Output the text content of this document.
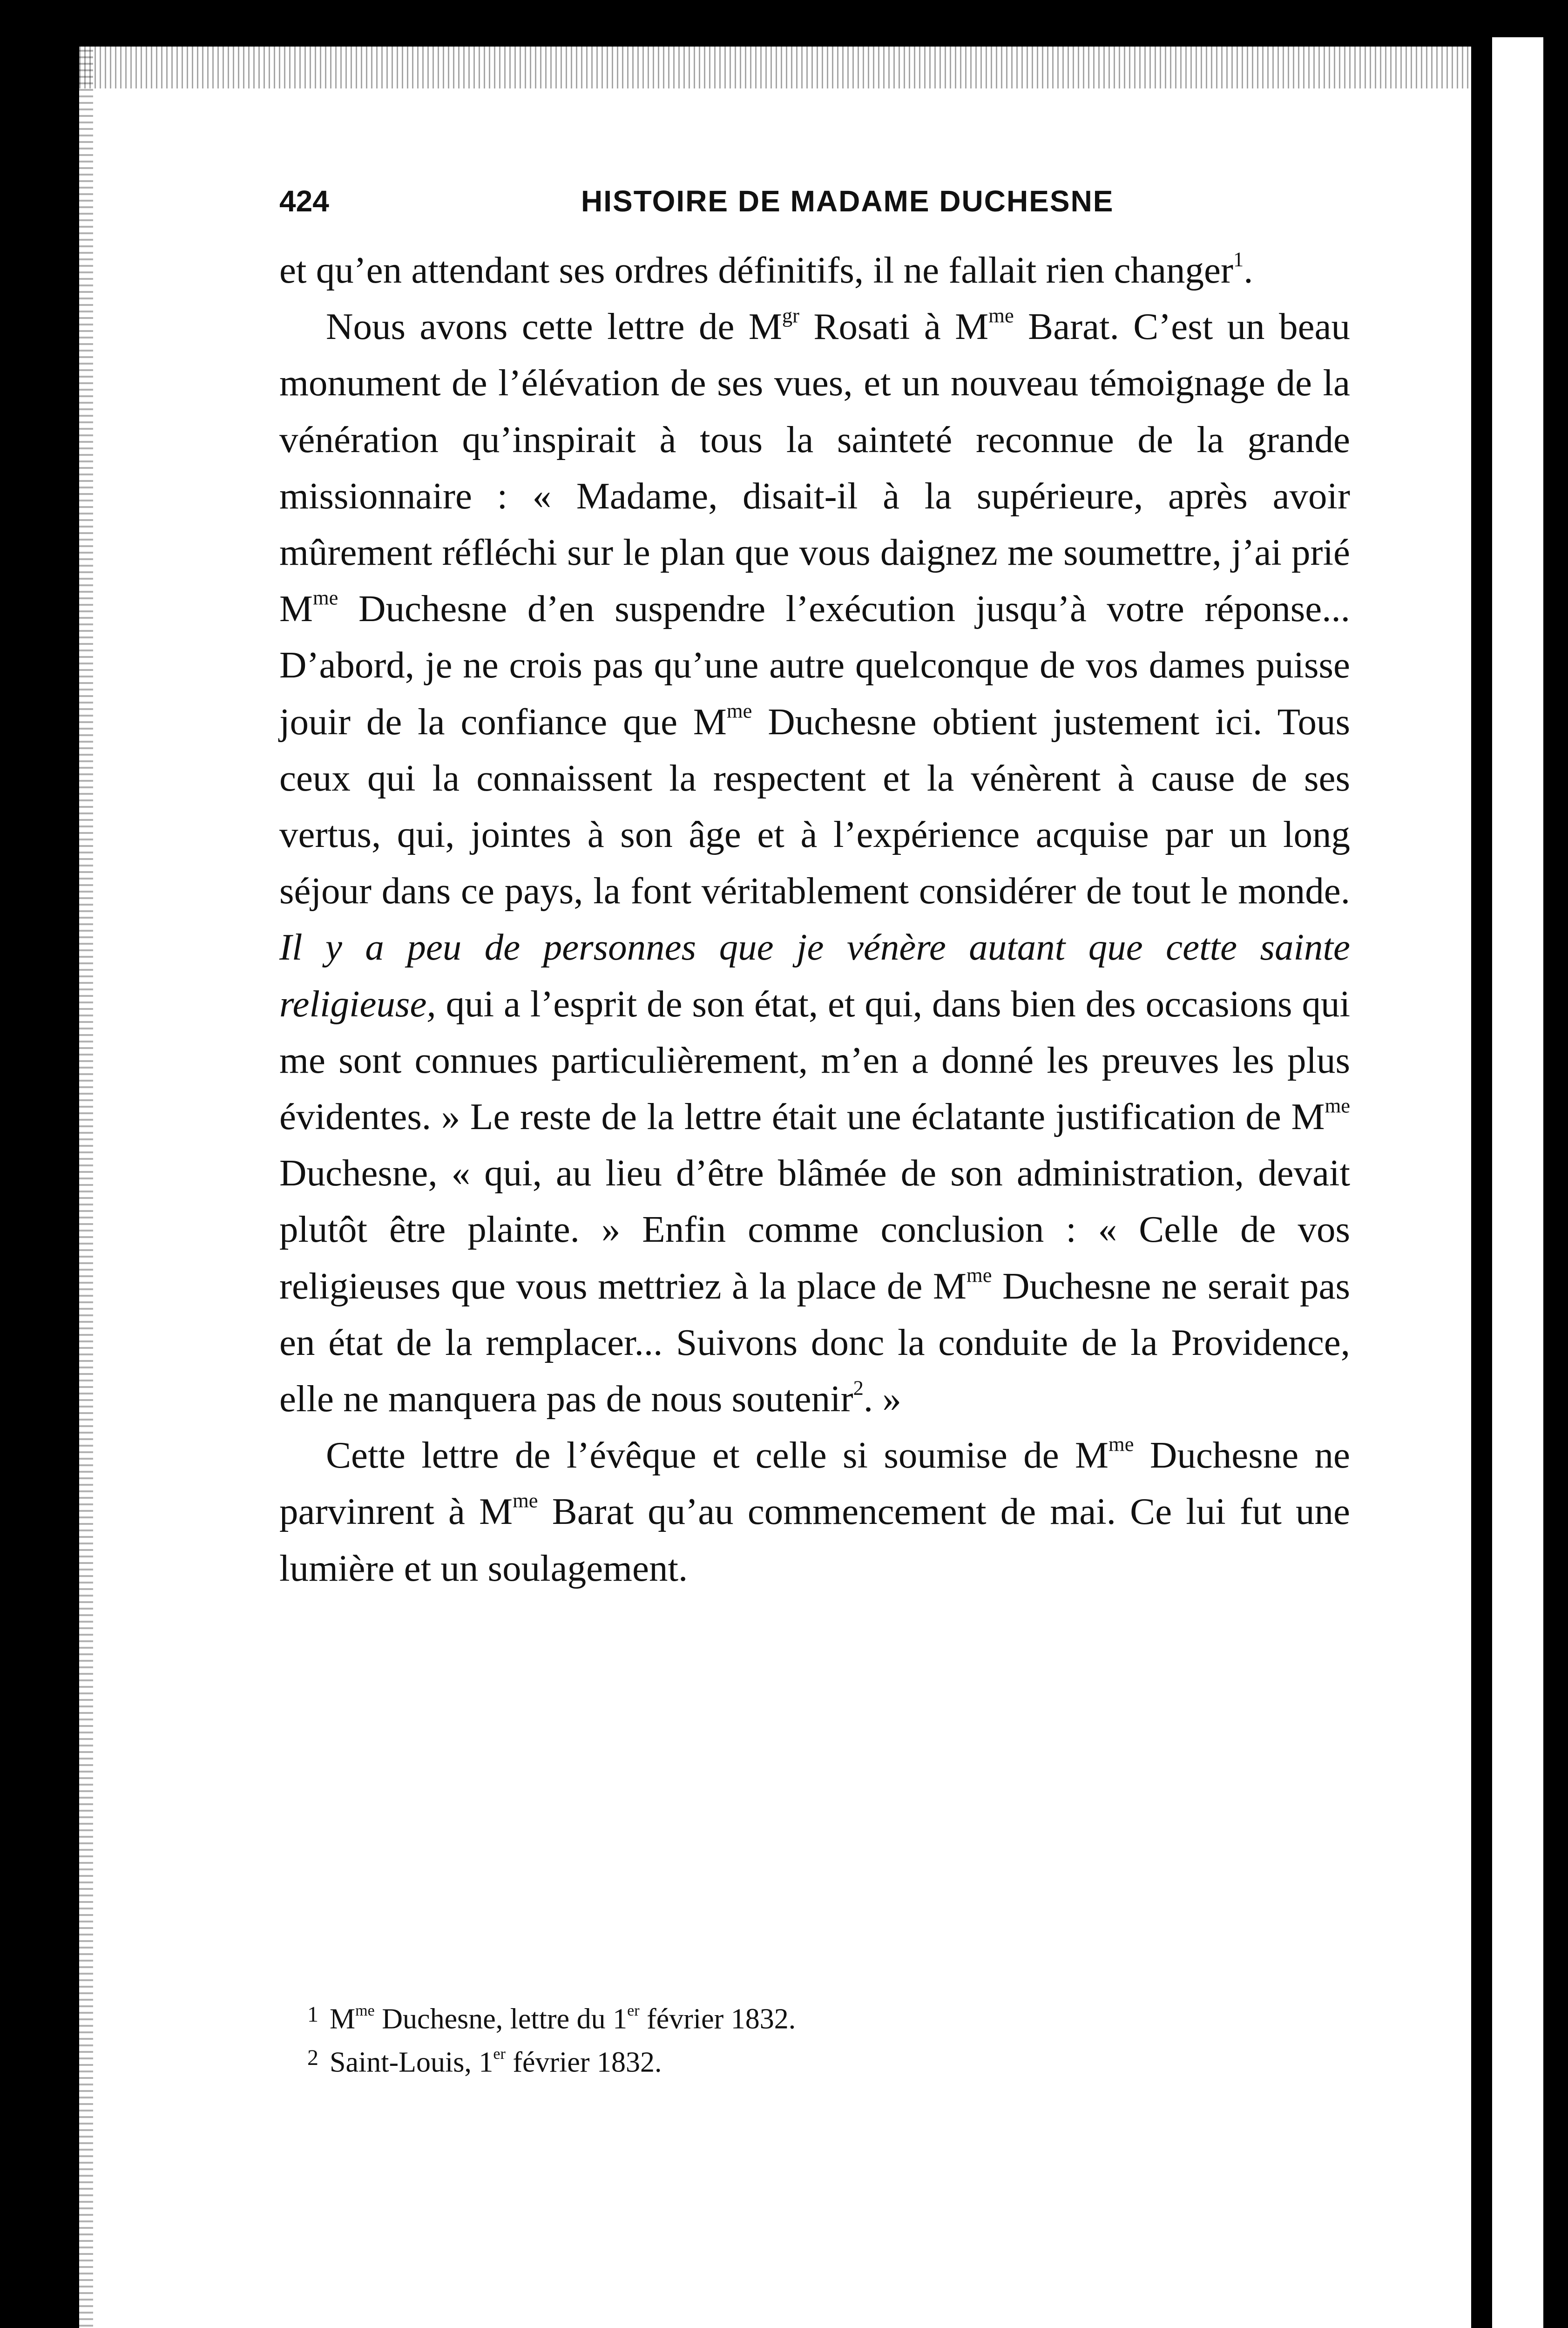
424	HISTOIRE DE MADAME DUCHESNE

et qu’en attendant ses ordres définitifs, il ne fallait rien changer$^1$.

Nous avons cette lettre de $M^{gr}$ Rosati à $M^{me}$ Barat. C’est un beau monument de l’élévation de ses vues, et un nouveau témoignage de la vénération qu’inspirait à tous la sainteté reconnue de la grande missionnaire : « Madame, disait-il à la supérieure, après avoir mûrement réfléchi sur le plan que vous daignez me soumettre, j’ai prié $M^{me}$ Duchesne d’en suspendre l’exécution jusqu’à votre réponse... D’abord, je ne crois pas qu’une autre quelconque de vos dames puisse jouir de la confiance que $M^{me}$ Duchesne obtient justement ici. Tous ceux qui la connaissent la respectent et la vénèrent à cause de ses vertus, qui, jointes à son âge et à l’expérience acquise par un long séjour dans ce pays, la font véritablement considérer de tout le monde. Il y a peu de personnes que je vénère autant que cette sainte religieuse, qui a l’esprit de son état, et qui, dans bien des occasions qui me sont connues particulièrement, m’en a donné les preuves les plus évidentes. » Le reste de la lettre était une éclatante justification de $M^{me}$ Duchesne, « qui, au lieu d’être blâmée de son administration, devait plutôt être plainte. » Enfin comme conclusion : « Celle de vos religieuses que vous mettriez à la place de $M^{me}$ Duchesne ne serait pas en état de la remplacer... Suivons donc la conduite de la Providence, elle ne manquera pas de nous soutenir$^2$. »

Cette lettre de l’évêque et celle si soumise de $M^{me}$ Duchesne ne parvinrent à $M^{me}$ Barat qu’au commencement de mai. Ce lui fut une lumière et un soulagement.

$^1$ $M^{me}$ Duchesne, lettre du 1er février 1832.
$^2$ Saint-Louis, 1er février 1832.
